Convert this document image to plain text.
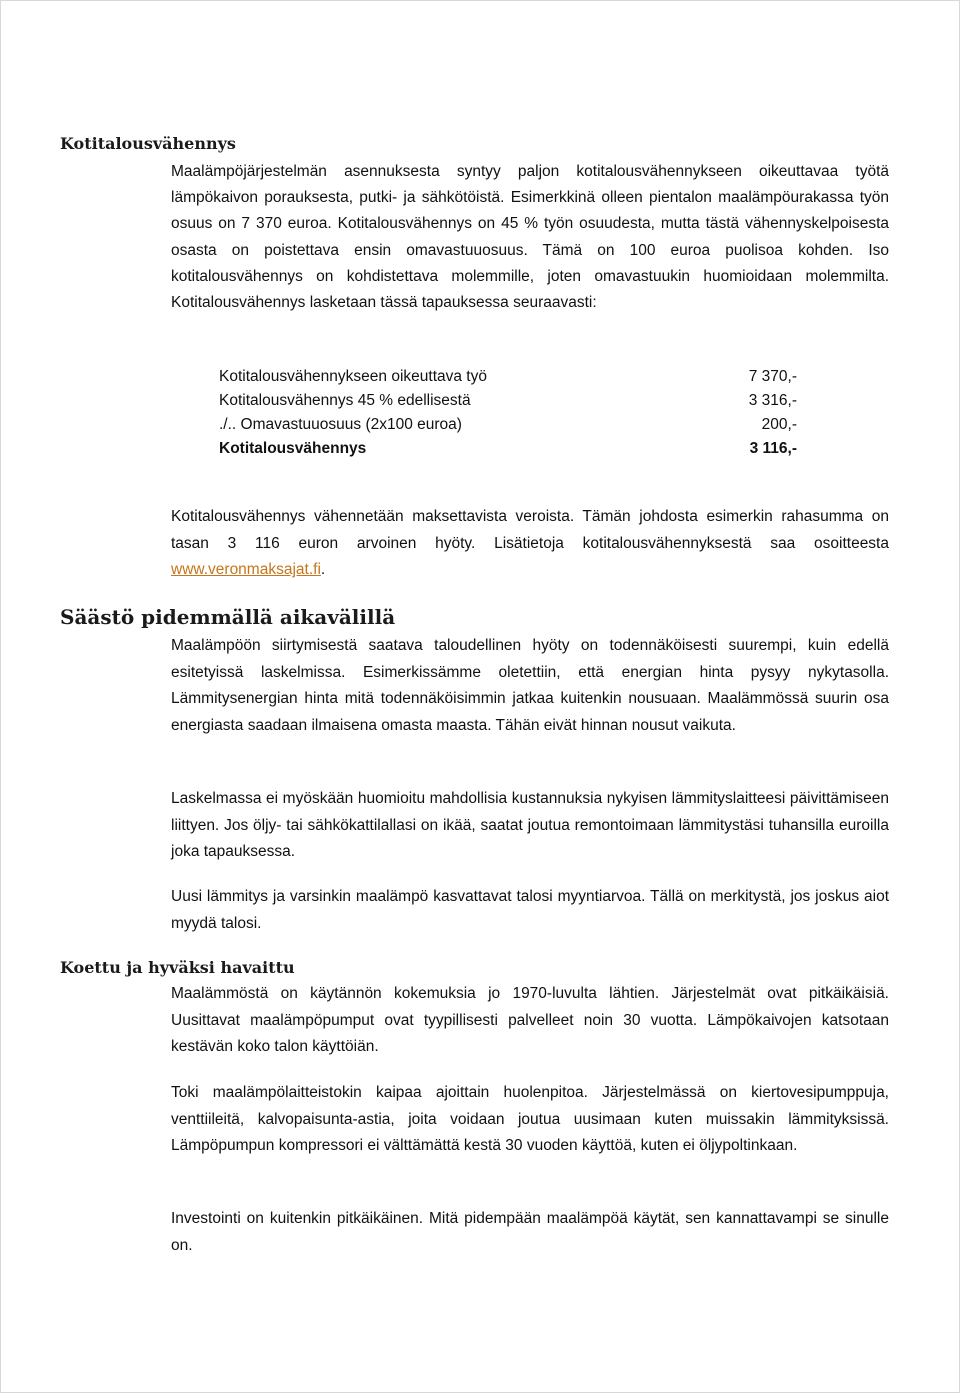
Kotitalousvähennys

Maalämpöjärjestelmän asennuksesta syntyy paljon kotitalousvähennykseen oikeuttavaa työtä lämpökaivon porauksesta, putki- ja sähkötöistä. Esimerkkinä olleen pientalon maalämpöurakassa työn osuus on 7 370 euroa. Kotitalousvähennys on 45 % työn osuudesta, mutta tästä vähennyskelpoisesta osasta on poistettava ensin omavastuuosuus. Tämä on 100 euroa puolisoa kohden. Iso kotitalousvähennys on kohdistettava molemmille, joten omavastuukin huomioidaan molemmilta. Kotitalousvähennys lasketaan tässä tapauksessa seuraavasti:

Kotitalousvähennykseen oikeuttava työ	7 370,-
Kotitalousvähennys 45 % edellisestä	3 316,-
./.. Omavastuuosuus (2x100 euroa)	200,-
Kotitalousvähennys	3 116,-

Kotitalousvähennys vähennetään maksettavista veroista. Tämän johdosta esimerkin rahasumma on tasan 3 116 euron arvoinen hyöty. Lisätietoja kotitalousvähennyksestä saa osoitteesta www.veronmaksajat.fi.

Säästö pidemmällä aikavälillä

Maalämpöön siirtymisestä saatava taloudellinen hyöty on todennäköisesti suurempi, kuin edellä esitetyissä laskelmissa. Esimerkissämme oletettiin, että energian hinta pysyy nykytasolla. Lämmitysenergian hinta mitä todennäköisimmin jatkaa kuitenkin nousuaan. Maalämmössä suurin osa energiasta saadaan ilmaisena omasta maasta. Tähän eivät hinnan nousut vaikuta.

Laskelmassa ei myöskään huomioitu mahdollisia kustannuksia nykyisen lämmityslaitteesi päivittämiseen liittyen. Jos öljy- tai sähkökattilallasi on ikää, saatat joutua remontoimaan lämmitystäsi tuhansilla euroilla joka tapauksessa.

Uusi lämmitys ja varsinkin maalämpö kasvattavat talosi myyntiarvoa. Tällä on merkitystä, jos joskus aiot myydä talosi.

Koettu ja hyväksi havaittu

Maalämmöstä on käytännön kokemuksia jo 1970-luvulta lähtien. Järjestelmät ovat pitkäikäisiä. Uusittavat maalämpöpumput ovat tyypillisesti palvelleet noin 30 vuotta. Lämpökaivojen katsotaan kestävän koko talon käyttöiän.

Toki maalämpölaitteistokin kaipaa ajoittain huolenpitoa. Järjestelmässä on kiertovesipumppuja, venttiileitä, kalvopaisunta-astia, joita voidaan joutua uusimaan kuten muissakin lämmityksissä. Lämpöpumpun kompressori ei välttämättä kestä 30 vuoden käyttöä, kuten ei öljypoltinkaan.

Investointi on kuitenkin pitkäikäinen. Mitä pidempään maalämpöä käytät, sen kannattavampi se sinulle on.
